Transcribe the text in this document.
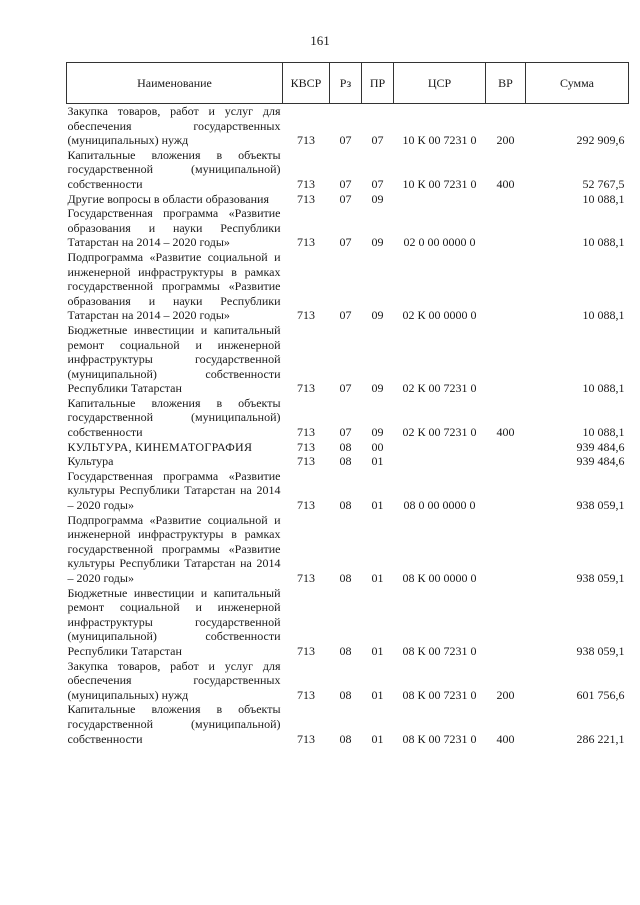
161
Наименование	КВСР	Рз	ПР	ЦСР	ВР	Сумма
Закупка товаров, работ и услуг для обеспечения государственных (муниципальных) нужд	713	07	07	10 К 00 7231 0	200	292 909,6
Капитальные вложения в объекты государственной (муниципальной) собственности	713	07	07	10 К 00 7231 0	400	52 767,5
Другие вопросы в области образования	713	07	09			10 088,1
Государственная программа «Развитие образования и науки Республики Татарстан на 2014 – 2020 годы»	713	07	09	02 0 00 0000 0		10 088,1
Подпрограмма «Развитие социальной и инженерной инфраструктуры в рамках государственной программы «Развитие образования и науки Республики Татарстан на 2014 – 2020 годы»	713	07	09	02 К 00 0000 0		10 088,1
Бюджетные инвестиции и капитальный ремонт социальной и инженерной инфраструктуры государственной (муниципальной) собственности Республики Татарстан	713	07	09	02 К 00 7231 0		10 088,1
Капитальные вложения в объекты государственной (муниципальной) собственности	713	07	09	02 К 00 7231 0	400	10 088,1
КУЛЬТУРА, КИНЕМАТОГРАФИЯ	713	08	00			939 484,6
Культура	713	08	01			939 484,6
Государственная программа «Развитие культуры Республики Татарстан на 2014 – 2020 годы»	713	08	01	08 0 00 0000 0		938 059,1
Подпрограмма «Развитие социальной и инженерной инфраструктуры в рамках государственной программы «Развитие культуры Республики Татарстан на 2014 – 2020 годы»	713	08	01	08 К 00 0000 0		938 059,1
Бюджетные инвестиции и капитальный ремонт социальной и инженерной инфраструктуры государственной (муниципальной) собственности Республики Татарстан	713	08	01	08 К 00 7231 0		938 059,1
Закупка товаров, работ и услуг для обеспечения государственных (муниципальных) нужд	713	08	01	08 К 00 7231 0	200	601 756,6
Капитальные вложения в объекты государственной (муниципальной) собственности	713	08	01	08 К 00 7231 0	400	286 221,1
